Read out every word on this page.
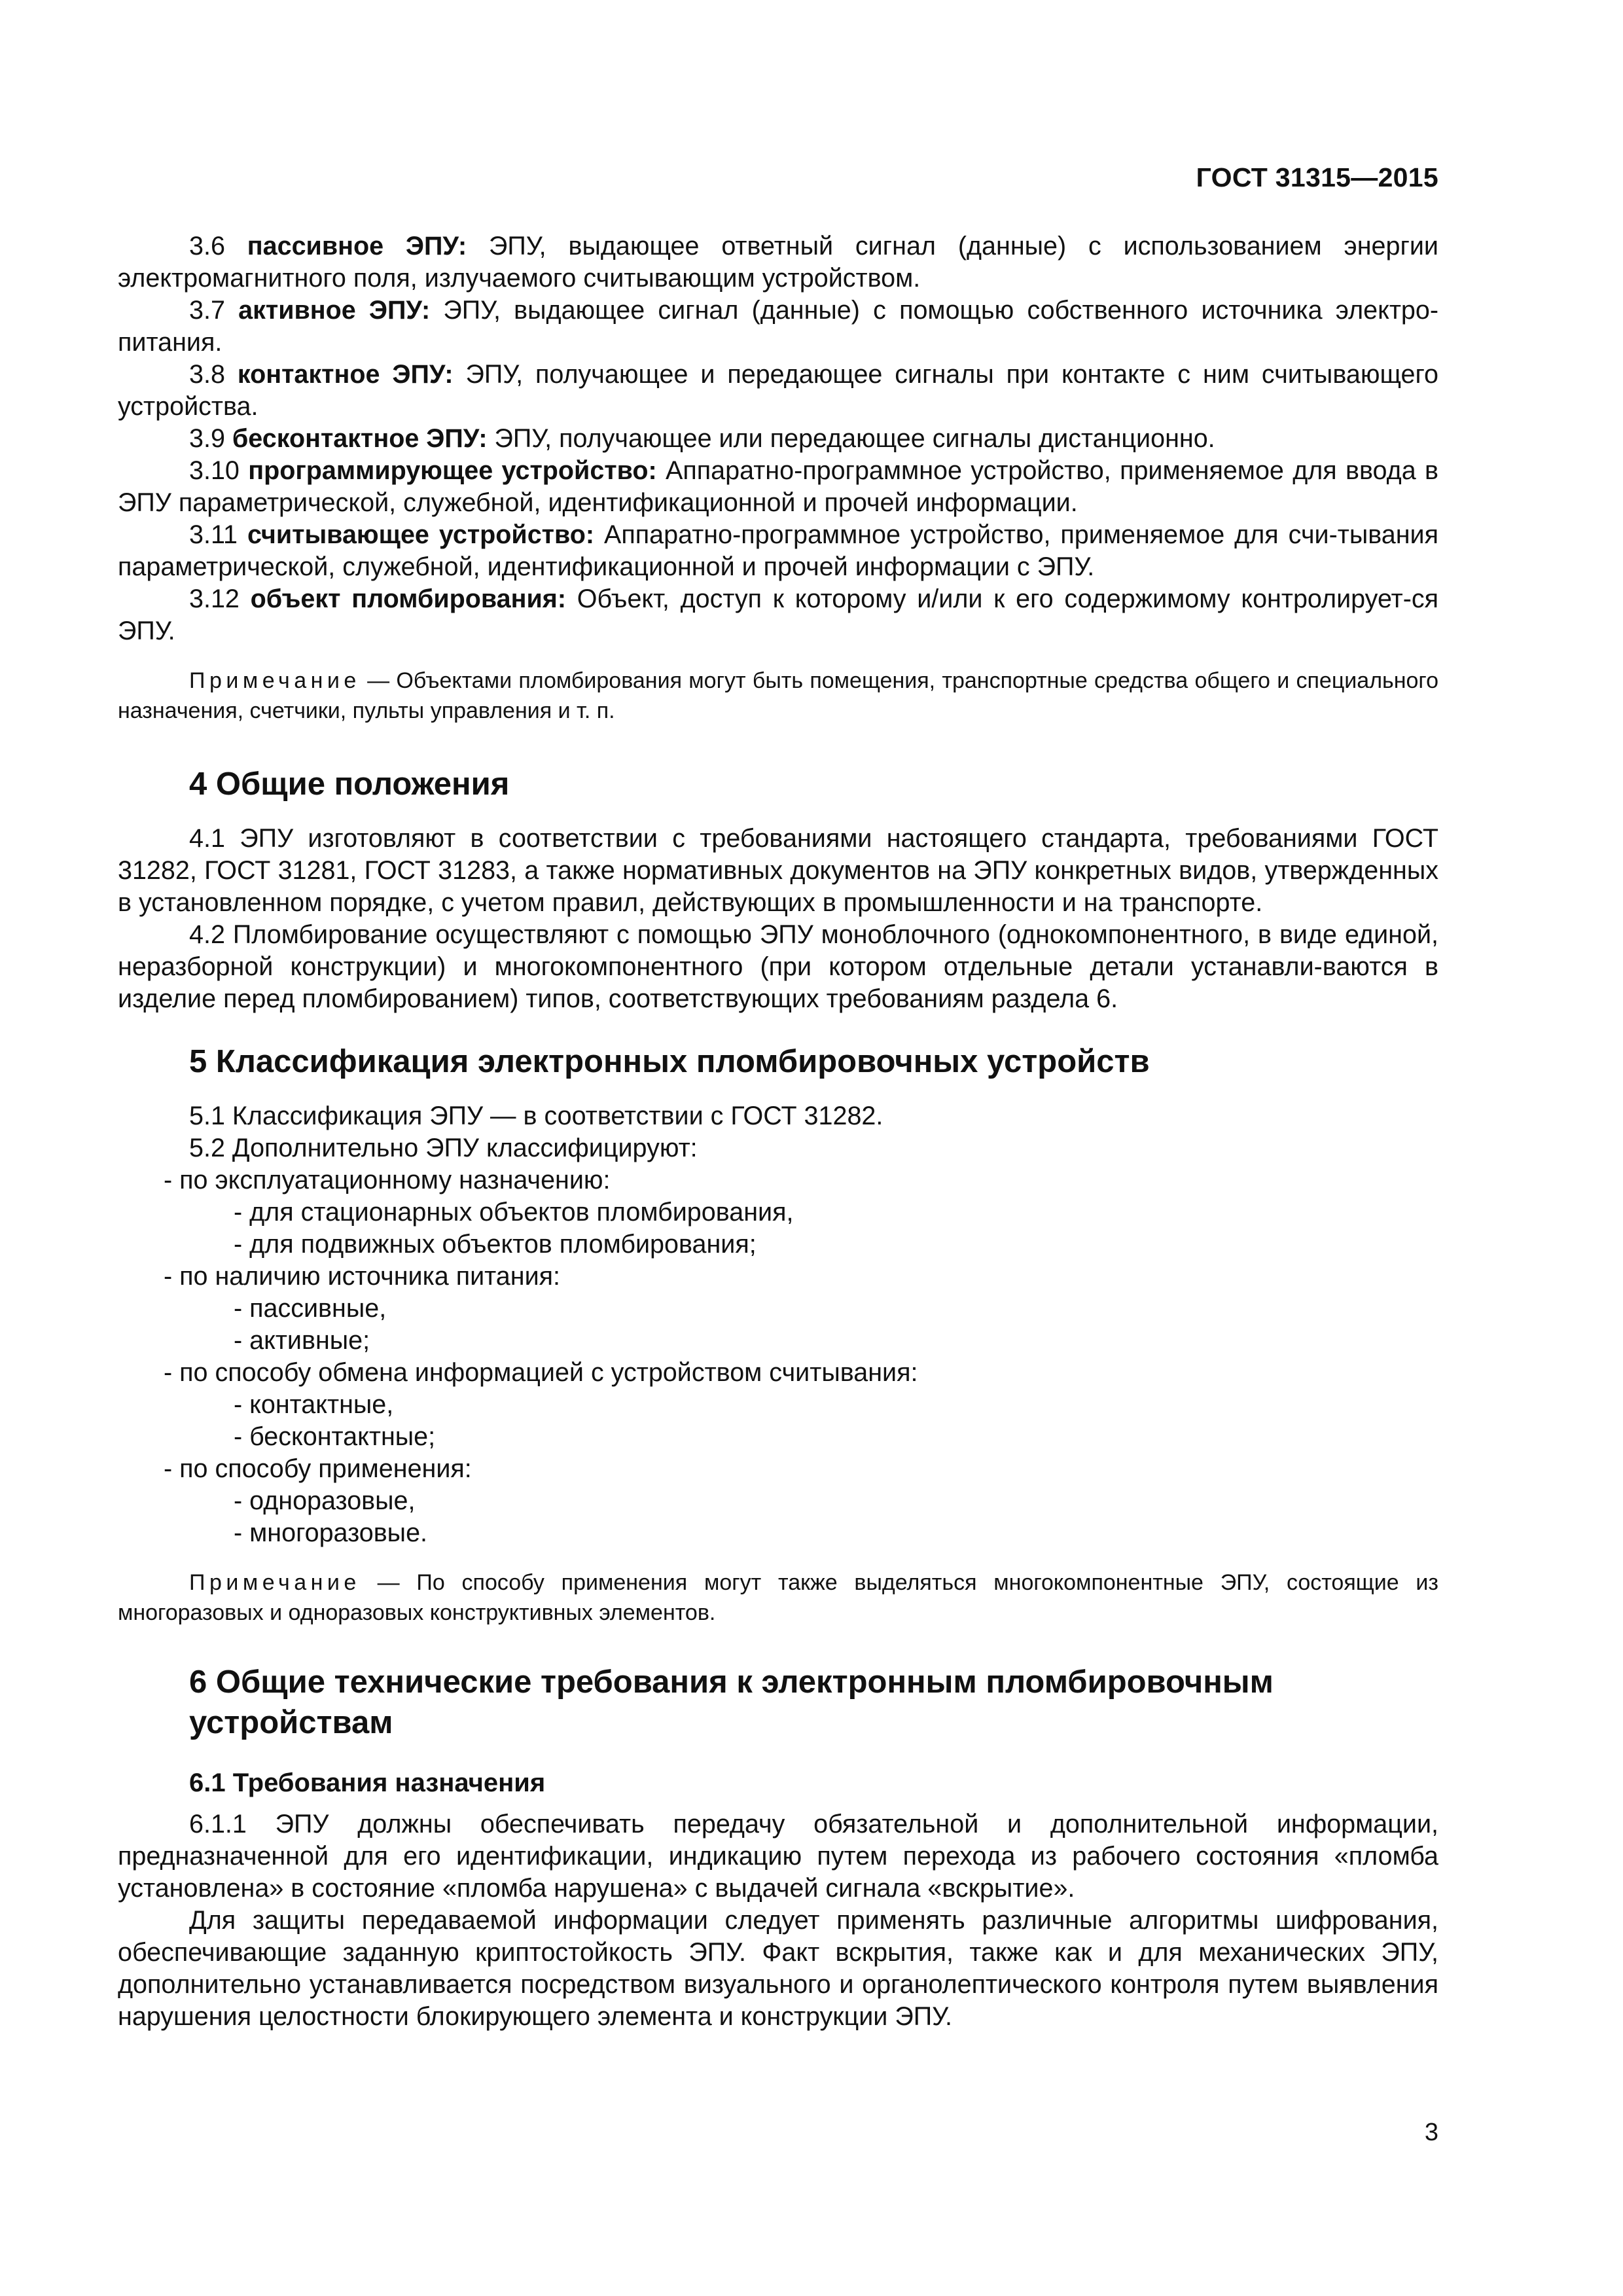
ГОСТ 31315—2015

3.6 пассивное ЭПУ: ЭПУ, выдающее ответный сигнал (данные) с использованием энергии электромагнитного поля, излучаемого считывающим устройством.

3.7 активное ЭПУ: ЭПУ, выдающее сигнал (данные) с помощью собственного источника электро-питания.

3.8 контактное ЭПУ: ЭПУ, получающее и передающее сигналы при контакте с ним считывающего устройства.

3.9 бесконтактное ЭПУ: ЭПУ, получающее или передающее сигналы дистанционно.

3.10 программирующее устройство: Аппаратно-программное устройство, применяемое для ввода в ЭПУ параметрической, служебной, идентификационной и прочей информации.

3.11 считывающее устройство: Аппаратно-программное устройство, применяемое для счи-тывания параметрической, служебной, идентификационной и прочей информации с ЭПУ.

3.12 объект пломбирования: Объект, доступ к которому и/или к его содержимому контролирует-ся ЭПУ.

Примечание — Объектами пломбирования могут быть помещения, транспортные средства общего и специального назначения, счетчики, пульты управления и т. п.

4 Общие положения

4.1 ЭПУ изготовляют в соответствии с требованиями настоящего стандарта, требованиями ГОСТ 31282, ГОСТ 31281, ГОСТ 31283, а также нормативных документов на ЭПУ конкретных видов, утвержденных в установленном порядке, с учетом правил, действующих в промышленности и на транспорте.

4.2 Пломбирование осуществляют с помощью ЭПУ моноблочного (однокомпонентного, в виде единой, неразборной конструкции) и многокомпонентного (при котором отдельные детали устанавли-ваются в изделие перед пломбированием) типов, соответствующих требованиям раздела 6.

5 Классификация электронных пломбировочных устройств

5.1 Классификация ЭПУ — в соответствии с ГОСТ 31282.

5.2 Дополнительно ЭПУ классифицируют:

- по эксплуатационному назначению:
- для стационарных объектов пломбирования,
- для подвижных объектов пломбирования;
- по наличию источника питания:
- пассивные,
- активные;
- по способу обмена информацией с устройством считывания:
- контактные,
- бесконтактные;
- по способу применения:
- одноразовые,
- многоразовые.

Примечание — По способу применения могут также выделяться многокомпонентные ЭПУ, состоящие из многоразовых и одноразовых конструктивных элементов.

6 Общие технические требования к электронным пломбировочным устройствам
6.1 Требования назначения

6.1.1 ЭПУ должны обеспечивать передачу обязательной и дополнительной информации, предназначенной для его идентификации, индикацию путем перехода из рабочего состояния «пломба установлена» в состояние «пломба нарушена» с выдачей сигнала «вскрытие».

Для защиты передаваемой информации следует применять различные алгоритмы шифрования, обеспечивающие заданную криптостойкость ЭПУ. Факт вскрытия, также как и для механических ЭПУ, дополнительно устанавливается посредством визуального и органолептического контроля путем выявления нарушения целостности блокирующего элемента и конструкции ЭПУ.

3
